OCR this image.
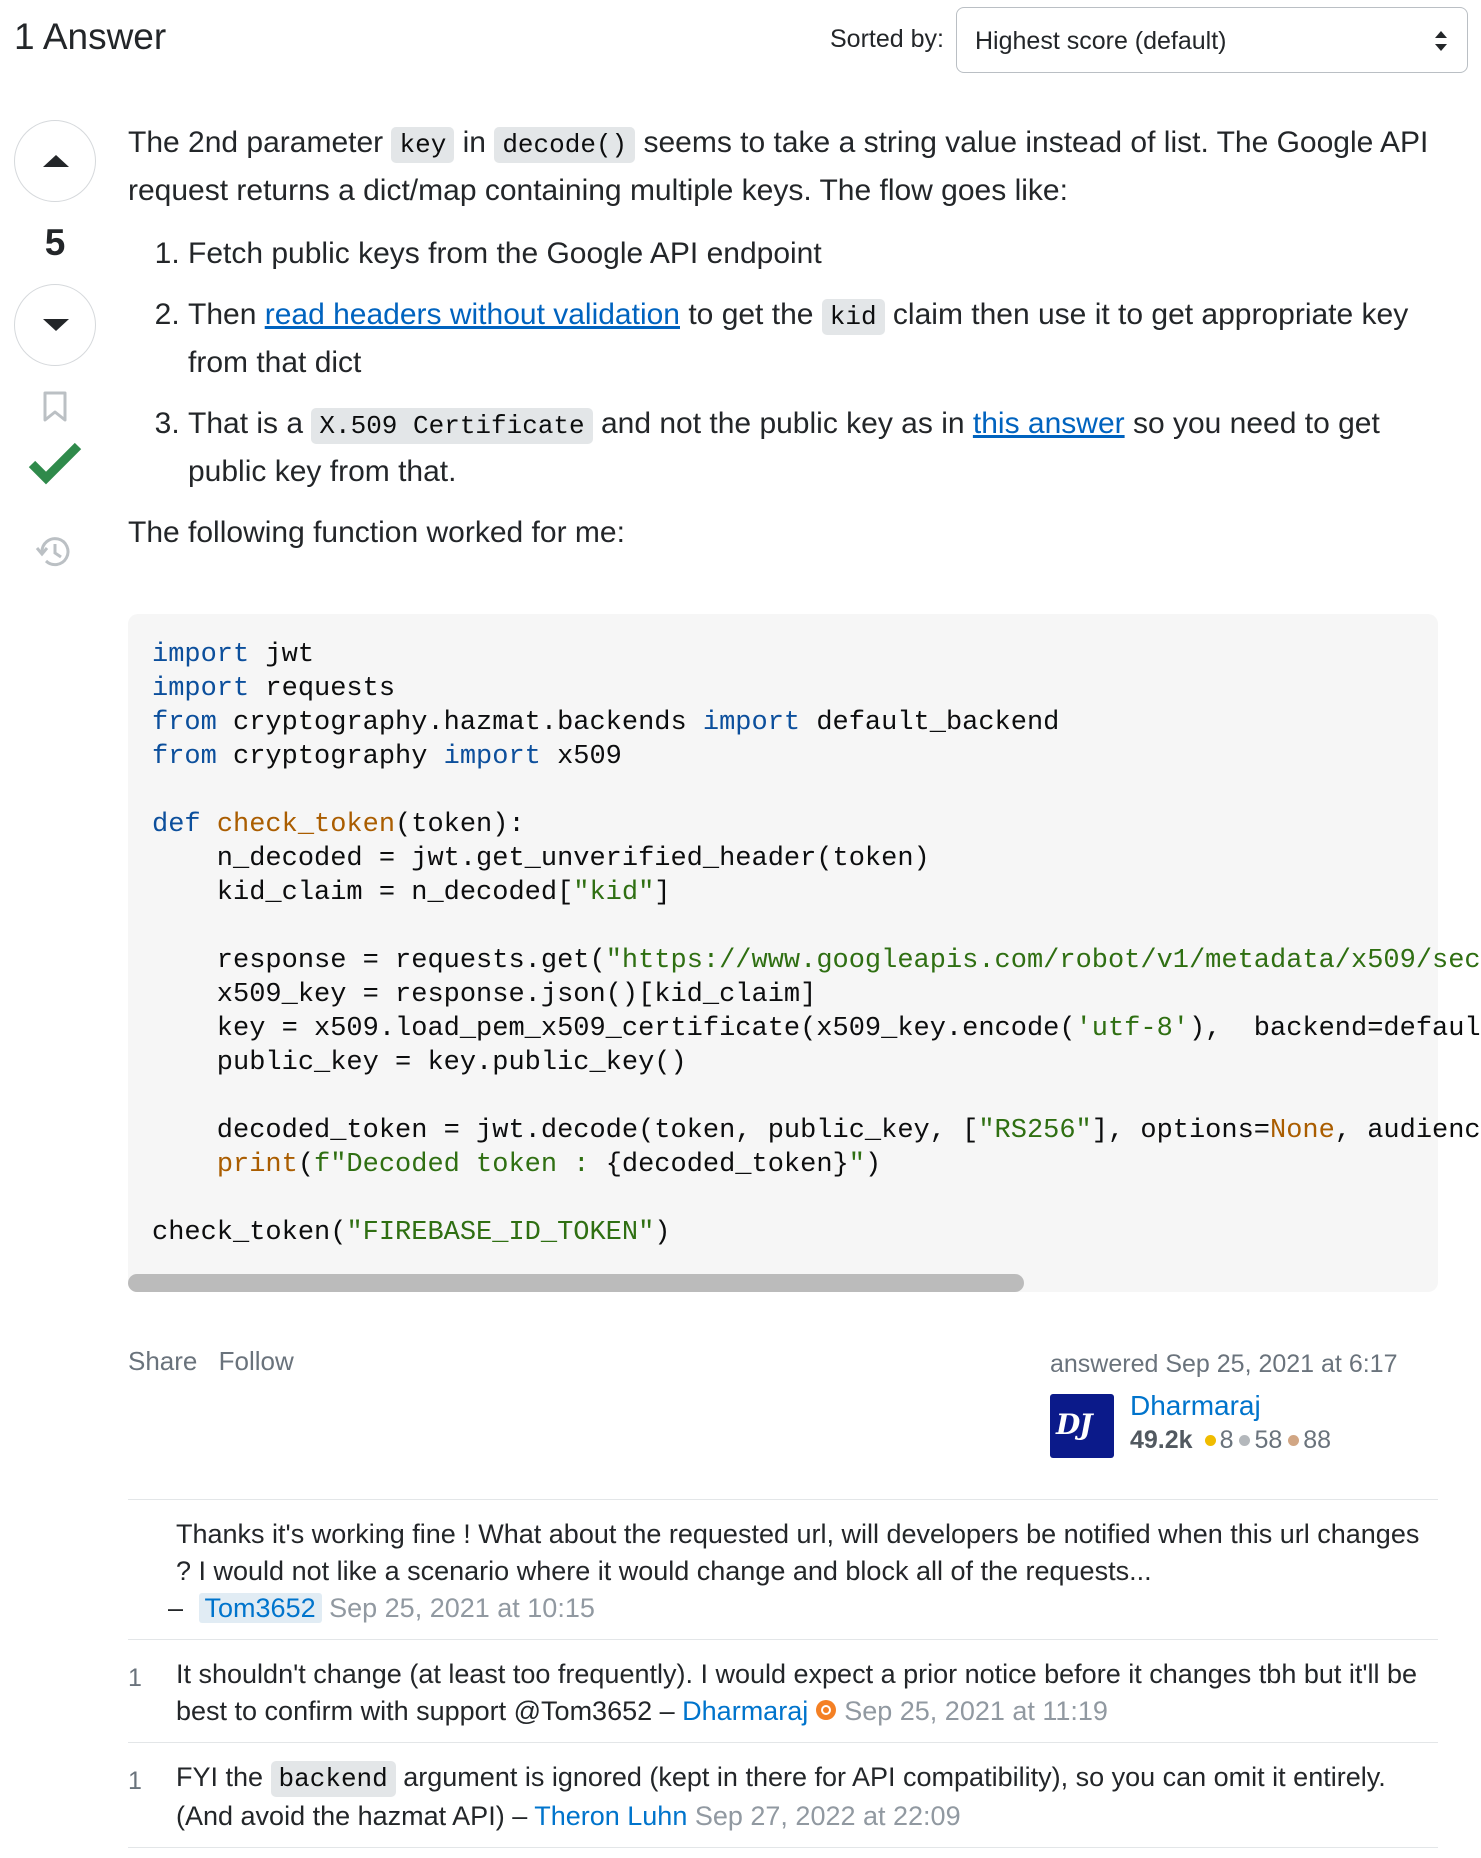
1 Answer	Sorted by: Highest score (default)
5

The 2nd parameter key in decode() seems to take a string value instead of list. The Google API request returns a dict/map containing multiple keys. The flow goes like:

1. Fetch public keys from the Google API endpoint
2. Then read headers without validation to get the kid claim then use it to get appropriate key from that dict
3. That is a X.509 Certificate and not the public key as in this answer so you need to get public key from that.

The following function worked for me:

import jwt
import requests
from cryptography.hazmat.backends import default_backend
from cryptography import x509

def check_token(token):
n_decoded = jwt.get_unverified_header(token)
kid_claim = n_decoded["kid"]

response = requests.get("https://www.googleapis.com/robot/v1/metadata/x509/sec
x509_key = response.json()[kid_claim]
key = x509.load_pem_x509_certificate(x509_key.encode('utf-8'),  backend=defaul
public_key = key.public_key()

decoded_token = jwt.decode(token, public_key, ["RS256"], options=None, audienc
print(f"Decoded token : {decoded_token}")

check_token("FIREBASE_ID_TOKEN")
Share Follow	answered Sep 25, 2021 at 6:17
DJ
Dharmaraj
49.2k 8 58 88
Thanks it's working fine ! What about the requested url, will developers be notified when this url changes ? I would not like a scenario where it would change and block all of the requests...
– Tom3652 Sep 25, 2021 at 10:15
1	It shouldn't change (at least too frequently). I would expect a prior notice before it changes tbh but it'll be best to confirm with support @Tom3652 – Dharmaraj Sep 25, 2021 at 11:19
1	FYI the backend argument is ignored (kept in there for API compatibility), so you can omit it entirely. (And avoid the hazmat API) – Theron Luhn Sep 27, 2022 at 22:09
